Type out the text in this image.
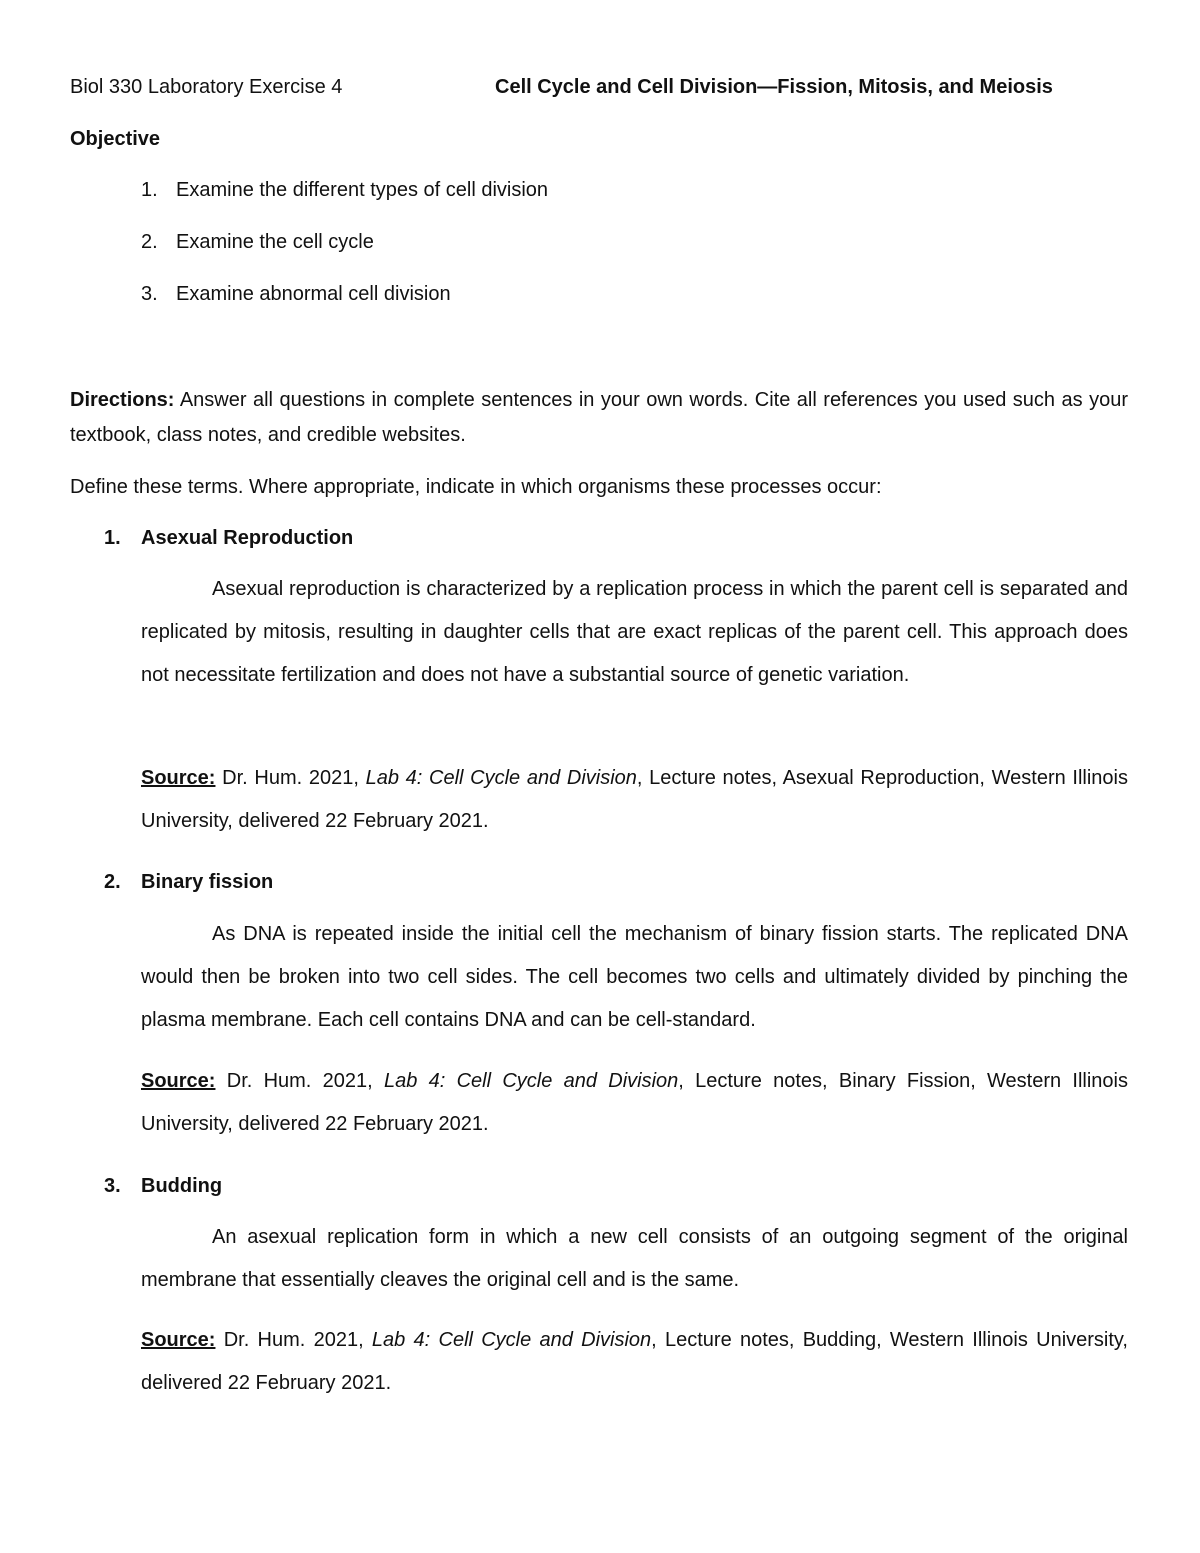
Biol 330 Laboratory Exercise 4	Cell Cycle and Cell Division—Fission, Mitosis, and Meiosis
Objective
1. Examine the different types of cell division
2. Examine the cell cycle
3. Examine abnormal cell division
Directions: Answer all questions in complete sentences in your own words. Cite all references you used such as your textbook, class notes, and credible websites.
Define these terms. Where appropriate, indicate in which organisms these processes occur:
1. Asexual Reproduction
Asexual reproduction is characterized by a replication process in which the parent cell is separated and replicated by mitosis, resulting in daughter cells that are exact replicas of the parent cell. This approach does not necessitate fertilization and does not have a substantial source of genetic variation.
Source: Dr. Hum. 2021, Lab 4: Cell Cycle and Division, Lecture notes, Asexual Reproduction, Western Illinois University, delivered 22 February 2021.
2. Binary fission
As DNA is repeated inside the initial cell the mechanism of binary fission starts. The replicated DNA would then be broken into two cell sides. The cell becomes two cells and ultimately divided by pinching the plasma membrane. Each cell contains DNA and can be cell-standard.
Source: Dr. Hum. 2021, Lab 4: Cell Cycle and Division, Lecture notes, Binary Fission, Western Illinois University, delivered 22 February 2021.
3. Budding
An asexual replication form in which a new cell consists of an outgoing segment of the original membrane that essentially cleaves the original cell and is the same.
Source: Dr. Hum. 2021, Lab 4: Cell Cycle and Division, Lecture notes, Budding, Western Illinois University, delivered 22 February 2021.
